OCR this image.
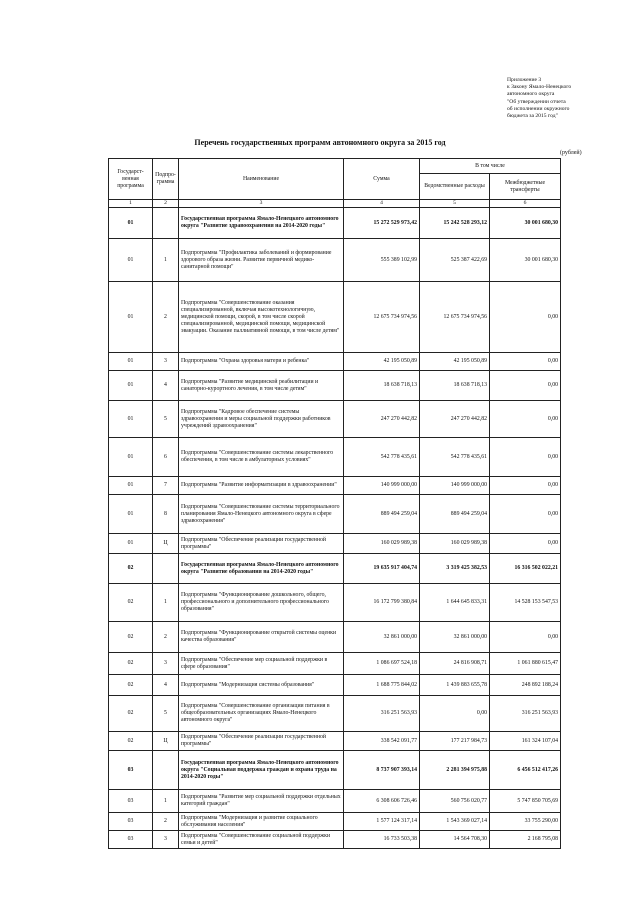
Приложение 3
к Закону Ямало-Ненецкого
автономного округа
"Об утверждении отчета
об исполнении окружного
бюджета за 2015 год"
Перечень государственных программ автономного округа за 2015 год
(рублей)
Государст-венная программа	Подпро-грамма	Наименование	Сумма	В том числе	
				Ведомственные расходы	Межбюджетные трансферты
1	2	3	4	5	6
01		Государственная программа Ямало-Ненецкого автономного округа "Развитие здравоохранения на 2014-2020 годы"	15 272 529 973,42	15 242 528 293,12	30 001 680,30
01	1	Подпрограмма "Профилактика заболеваний и формирование здорового образа жизни. Развитие первичной медико-санитарной помощи"	555 389 102,99	525 387 422,69	30 001 680,30
01	2	Подпрограмма "Совершенствование оказания специализированной, включая высокотехнологичную, медицинской помощи, скорой, в том числе скорой специализированной, медицинской помощи, медицинской эвакуации. Оказание паллиативной помощи, в том числе детям"	12 675 734 974,56	12 675 734 974,56	0,00
01	3	Подпрограмма "Охрана здоровья матери и ребенка"	42 195 050,89	42 195 050,89	0,00
01	4	Подпрограмма "Развитие медицинской реабилитации и санаторно-курортного лечения, в том числе детям"	18 638 718,13	18 638 718,13	0,00
01	5	Подпрограмма "Кадровое обеспечение системы здравоохранения и меры социальной поддержки работников учреждений здравоохранения"	247 270 442,82	247 270 442,82	0,00
01	6	Подпрограмма "Совершенствование системы лекарственного обеспечения, в том числе в амбулаторных условиях"	542 778 435,61	542 778 435,61	0,00
01	7	Подпрограмма "Развитие информатизации в здравоохранении"	140 999 000,00	140 999 000,00	0,00
01	8	Подпрограмма "Совершенствование системы территориального планирования Ямало-Ненецкого автономного округа в сфере здравоохранения"	889 494 259,04	889 494 259,04	0,00
01	Ц	Подпрограмма "Обеспечение реализации государственной программы"	160 029 989,38	160 029 989,38	0,00
02		Государственная программа Ямало-Ненецкого автономного округа "Развитие образования на 2014-2020 годы"	19 635 917 404,74	3 319 425 382,53	16 316 502 022,21
02	1	Подпрограмма "Функционирование дошкольного, общего, профессионального и дополнительного профессионального образования"	16 172 799 380,84	1 644 645 833,31	14 528 153 547,53
02	2	Подпрограмма "Функционирование открытой системы оценки качества образования"	32 861 000,00	32 861 000,00	0,00
02	3	Подпрограмма "Обеспечение мер социальной поддержки в сфере образования"	1 086 697 524,18	24 816 908,71	1 061 880 615,47
02	4	Подпрограмма "Модернизация системы образования"	1 688 775 844,02	1 439 883 655,78	248 892 188,24
02	5	Подпрограмма "Совершенствование организации питания в общеобразовательных организациях Ямало-Ненецкого автономного округа"	316 251 563,93	0,00	316 251 563,93
02	Ц	Подпрограмма "Обеспечение реализации государственной программы"	338 542 091,77	177 217 984,73	161 324 107,04
03		Государственная программа Ямало-Ненецкого автономного округа "Социальная поддержка граждан и охрана труда на 2014-2020 годы"	8 737 907 393,14	2 281 394 975,88	6 456 512 417,26
03	1	Подпрограмма "Развитие мер социальной поддержки отдельных категорий граждан"	6 308 606 726,46	560 756 020,77	5 747 850 705,69
03	2	Подпрограмма "Модернизация и развитие социального обслуживания населения"	1 577 124 317,14	1 543 369 027,14	33 755 290,00
03	3	Подпрограмма "Совершенствование социальной поддержки семьи и детей"	16 733 503,38	14 564 708,30	2 168 795,08
